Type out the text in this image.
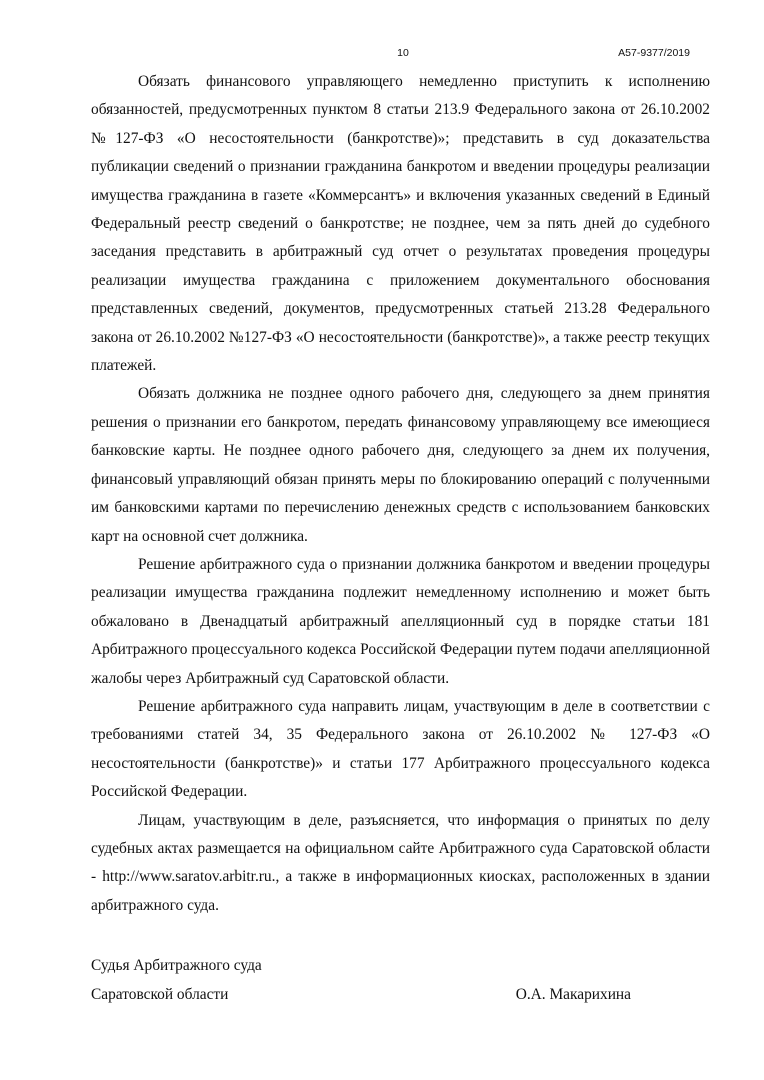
10	А57-9377/2019

Обязать финансового управляющего немедленно приступить к исполнению обязанностей, предусмотренных пунктом 8 статьи 213.9 Федерального закона от 26.10.2002 №127-ФЗ «О несостоятельности (банкротстве)»; представить в суд доказательства публикации сведений о признании гражданина банкротом и введении процедуры реализации имущества гражданина в газете «Коммерсантъ» и включения указанных сведений в Единый Федеральный реестр сведений о банкротстве; не позднее, чем за пять дней до судебного заседания представить в арбитражный суд отчет о результатах проведения процедуры реализации имущества гражданина с приложением документального обоснования представленных сведений, документов, предусмотренных статьей 213.28 Федерального закона от 26.10.2002 №127-ФЗ «О несостоятельности (банкротстве)», а также реестр текущих платежей.

Обязать должника не позднее одного рабочего дня, следующего за днем принятия решения о признании его банкротом, передать финансовому управляющему все имеющиеся банковские карты. Не позднее одного рабочего дня, следующего за днем их получения, финансовый управляющий обязан принять меры по блокированию операций с полученными им банковскими картами по перечислению денежных средств с использованием банковских карт на основной счет должника.

Решение арбитражного суда о признании должника банкротом и введении процедуры реализации имущества гражданина подлежит немедленному исполнению и может быть обжаловано в Двенадцатый арбитражный апелляционный суд в порядке статьи 181 Арбитражного процессуального кодекса Российской Федерации путем подачи апелляционной жалобы через Арбитражный суд Саратовской области.

Решение арбитражного суда направить лицам, участвующим в деле в соответствии с требованиями статей 34, 35 Федерального закона от 26.10.2002 № 127-ФЗ «О несостоятельности (банкротстве)» и статьи 177 Арбитражного процессуального кодекса Российской Федерации.

Лицам, участвующим в деле, разъясняется, что информация о принятых по делу судебных актах размещается на официальном сайте Арбитражного суда Саратовской области - http://www.saratov.arbitr.ru., а также в информационных киосках, расположенных в здании арбитражного суда.

Судья Арбитражного суда
Саратовской области	О.А. Макарихина
